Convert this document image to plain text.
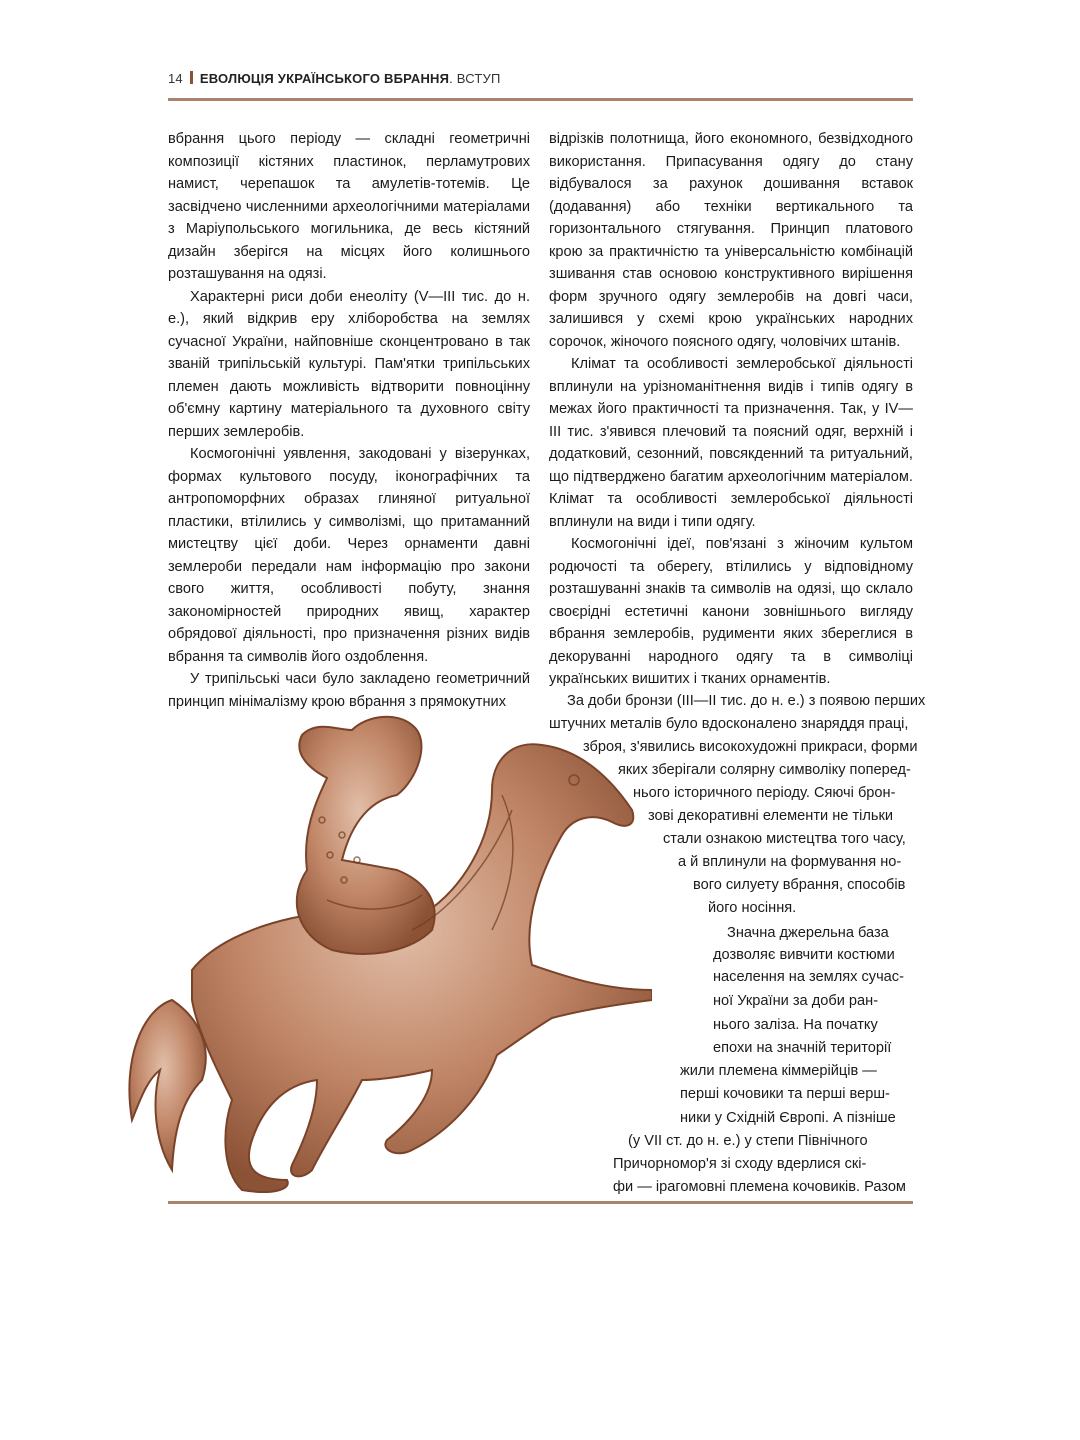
14 ЕВОЛЮЦІЯ УКРАЇНСЬКОГО ВБРАННЯ. ВСТУП

вбрання цього періоду — складні геометричні композиції кістяних пластинок, перламутрових намист, черепашок та амулетів-тотемів. Це засвідчено численними археологічними матеріалами з Маріупольського могильника, де весь кістяний дизайн зберігся на місцях його колишнього розташування на одязі.

Характерні риси доби енеоліту (V—III тис. до н. е.), який відкрив еру хліборобства на землях сучасної України, найповніше сконцентровано в так званій трипільській культурі. Пам'ятки трипільських племен дають можливість відтворити повноцінну об'ємну картину матеріального та духовного світу перших землеробів.

Космогонічні уявлення, закодовані у візерунках, формах культового посуду, іконографічних та антропоморфних образах глиняної ритуальної пластики, втілились у символізмі, що притаманний мистецтву цієї доби. Через орнаменти давні землероби передали нам інформацію про закони свого життя, особливості побуту, знання закономірностей природних явищ, характер обрядової діяльності, про призначення різних видів вбрання та символів його оздоблення.

У трипільські часи було закладено геометричний принцип мінімалізму крою вбрання з прямокутних

відрізків полотнища, його економного, безвідходного використання. Припасування одягу до стану відбувалося за рахунок дошивання вставок (додавання) або техніки вертикального та горизонтального стягування. Принцип платового крою за практичністю та універсальністю комбінацій зшивання став основою конструктивного вирішення форм зручного одягу землеробів на довгі часи, залишився у схемі крою українських народних сорочок, жіночого поясного одягу, чоловічих штанів.

Клімат та особливості землеробської діяльності вплинули на урізноманітнення видів і типів одягу в межах його практичності та призначення. Так, у IV—III тис. з'явився плечовий та поясний одяг, верхній і додатковий, сезонний, повсякденний та ритуальний, що підтверджено багатим археологічним матеріалом. Клімат та особливості землеробської діяльності вплинули на види і типи одягу.

Космогонічні ідеї, пов'язані з жіночим культом родючості та оберегу, втілились у відповідному розташуванні знаків та символів на одязі, що склало своєрідні естетичні канони зовнішнього вигляду вбрання землеробів, рудименти яких збереглися в декоруванні народного одягу та в символіці українських вишитих і тканих орнаментів.

За доби бронзи (III—II тис. до н. е.) з появою перших
штучних металів було вдосконалено знаряддя праці,
зброя, з'явились високохудожні прикраси, форми
яких зберігали солярну символіку поперед-
нього історичного періоду. Сяючі брон-
зові декоративні елементи не тільки
стали ознакою мистецтва того часу,
а й вплинули на формування но-
вого силуету вбрання, способів
його носіння.
Значна джерельна база
дозволяє вивчити костюми
населення на землях сучас-
ної України за доби ран-
нього заліза. На початку
епохи на значній території
жили племена кіммерійців —
перші кочовики та перші верш-
ники у Східній Європі. А пізніше
(у VII ст. до н. е.) у степи Північного
Причорномор'я зі сходу вдерлися скі-
фи — ірагомовні племена кочовиків. Разом
